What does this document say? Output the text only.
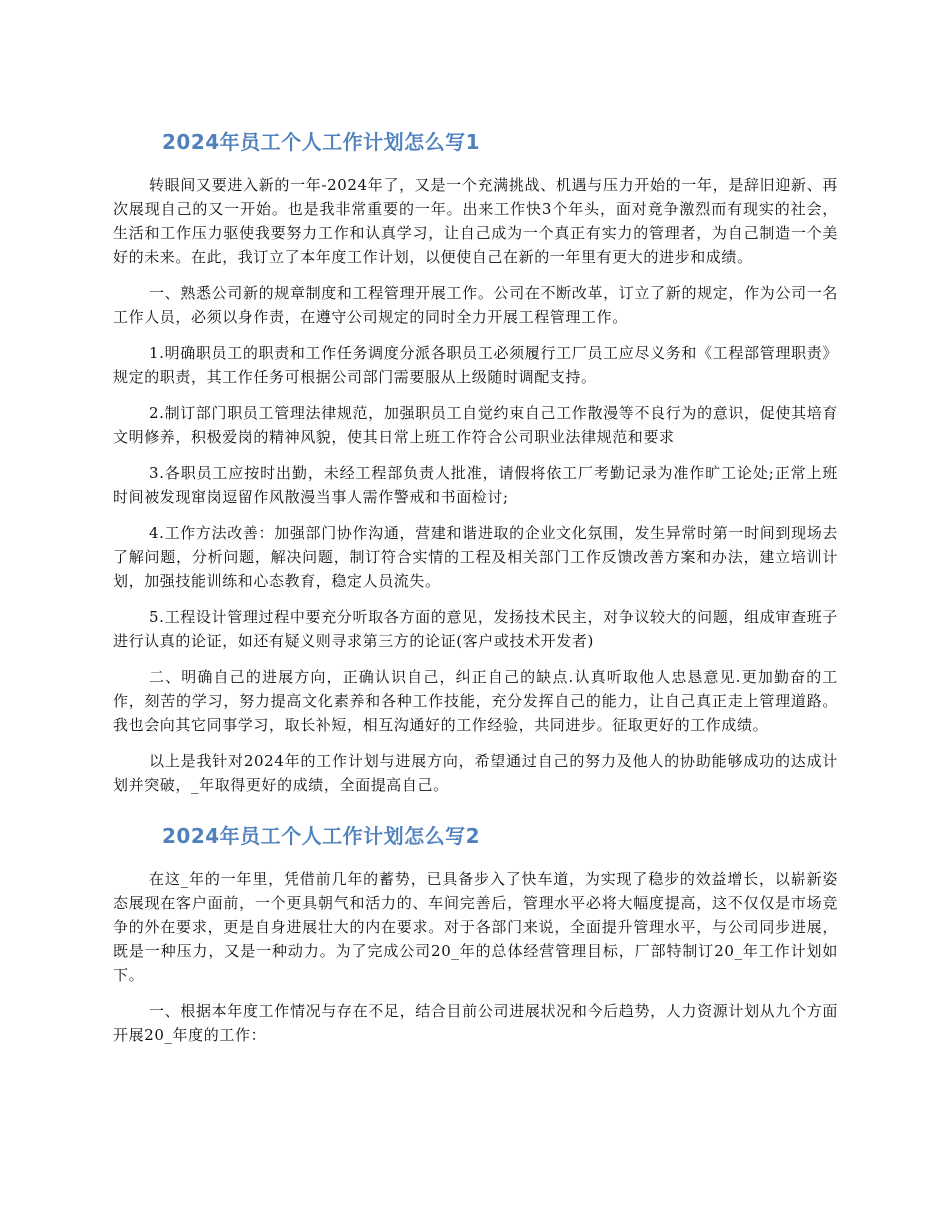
2024年员工个人工作计划怎么写1

转眼间又要进入新的一年-2024年了，又是一个充满挑战、机遇与压力开始的一年，是辞旧迎新、再次展现自己的又一开始。也是我非常重要的一年。出来工作快3个年头，面对竟争激烈而有现实的社会，生活和工作压力驱使我要努力工作和认真学习，让自己成为一个真正有实力的管理者，为自己制造一个美好的未来。在此，我订立了本年度工作计划，以便使自己在新的一年里有更大的进步和成绩。

一、熟悉公司新的规章制度和工程管理开展工作。公司在不断改革，订立了新的规定，作为公司一名工作人员，必须以身作责，在遵守公司规定的同时全力开展工程管理工作。

1.明确职员工的职责和工作任务调度分派各职员工必须履行工厂员工应尽义务和《工程部管理职责》规定的职责，其工作任务可根据公司部门需要服从上级随时调配支持。

2.制订部门职员工管理法律规范，加强职员工自觉约束自己工作散漫等不良行为的意识，促使其培育文明修养，积极爱岗的精神风貌，使其日常上班工作符合公司职业法律规范和要求

3.各职员工应按时出勤，未经工程部负责人批准，请假将依工厂考勤记录为准作旷工论处;正常上班时间被发现窜岗逗留作风散漫当事人需作警戒和书面检讨;

4.工作方法改善：加强部门协作沟通，营建和谐进取的企业文化氛围，发生异常时第一时间到现场去了解问题，分析问题，解决问题，制订符合实情的工程及相关部门工作反馈改善方案和办法，建立培训计划，加强技能训练和心态教育，稳定人员流失。

5.工程设计管理过程中要充分听取各方面的意见，发扬技术民主，对争议较大的问题，组成审查班子进行认真的论证，如还有疑义则寻求第三方的论证(客户或技术开发者)

二、明确自己的进展方向，正确认识自己，纠正自己的缺点.认真听取他人忠恳意见.更加勤奋的工作，刻苦的学习，努力提高文化素养和各种工作技能，充分发挥自己的能力，让自己真正走上管理道路。我也会向其它同事学习，取长补短，相互沟通好的工作经验，共同进步。征取更好的工作成绩。

以上是我针对2024年的工作计划与进展方向，希望通过自己的努力及他人的协助能够成功的达成计划并突破，_年取得更好的成绩，全面提高自己。

2024年员工个人工作计划怎么写2

在这_年的一年里，凭借前几年的蓄势，已具备步入了快车道，为实现了稳步的效益增长，以崭新姿态展现在客户面前，一个更具朝气和活力的、车间完善后，管理水平必将大幅度提高，这不仅仅是市场竞争的外在要求，更是自身进展壮大的内在要求。对于各部门来说，全面提升管理水平，与公司同步进展，既是一种压力，又是一种动力。为了完成公司20_年的总体经营管理目标，厂部特制订20_年工作计划如下。

一、根据本年度工作情况与存在不足，结合目前公司进展状况和今后趋势，人力资源计划从九个方面开展20_年度的工作：
